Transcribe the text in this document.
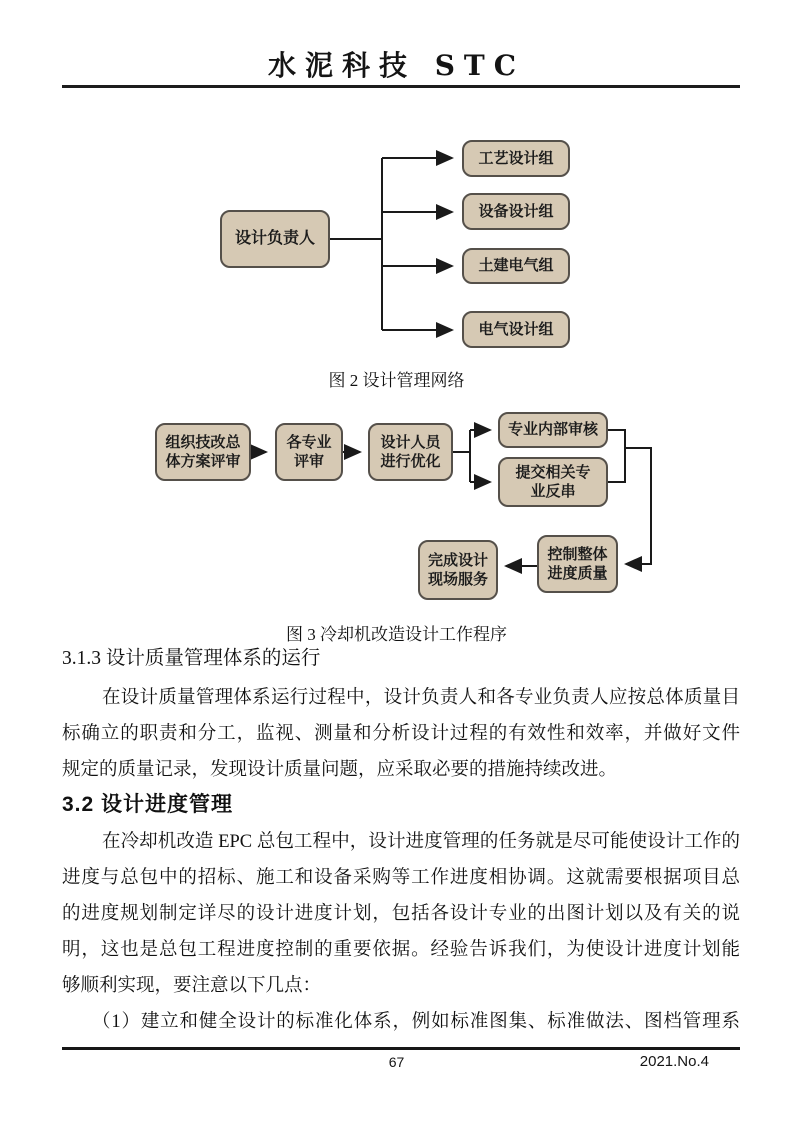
水泥科技 STC
设计负责人
工艺设计组
设备设计组
土建电气组
电气设计组
图 2 设计管理网络
组织技改总体方案评审
各专业评审
设计人员进行优化
专业内部审核
提交相关专业反串
控制整体进度质量
完成设计现场服务
图 3 冷却机改造设计工作程序
3.1.3 设计质量管理体系的运行
在设计质量管理体系运行过程中，设计负责人和各专业负责人应按总体质量目
标确立的职责和分工，监视、测量和分析设计过程的有效性和效率，并做好文件
规定的质量记录，发现设计质量问题，应采取必要的措施持续改进。
3.2 设计进度管理
在冷却机改造 EPC 总包工程中，设计进度管理的任务就是尽可能使设计工作的
进度与总包中的招标、施工和设备采购等工作进度相协调。这就需要根据项目总
的进度规划制定详尽的设计进度计划，包括各设计专业的出图计划以及有关的说
明，这也是总包工程进度控制的重要依据。经验告诉我们，为使设计进度计划能
够顺利实现，要注意以下几点：
（1）建立和健全设计的标准化体系，例如标准图集、标准做法、图档管理系
67	2021.No.4
